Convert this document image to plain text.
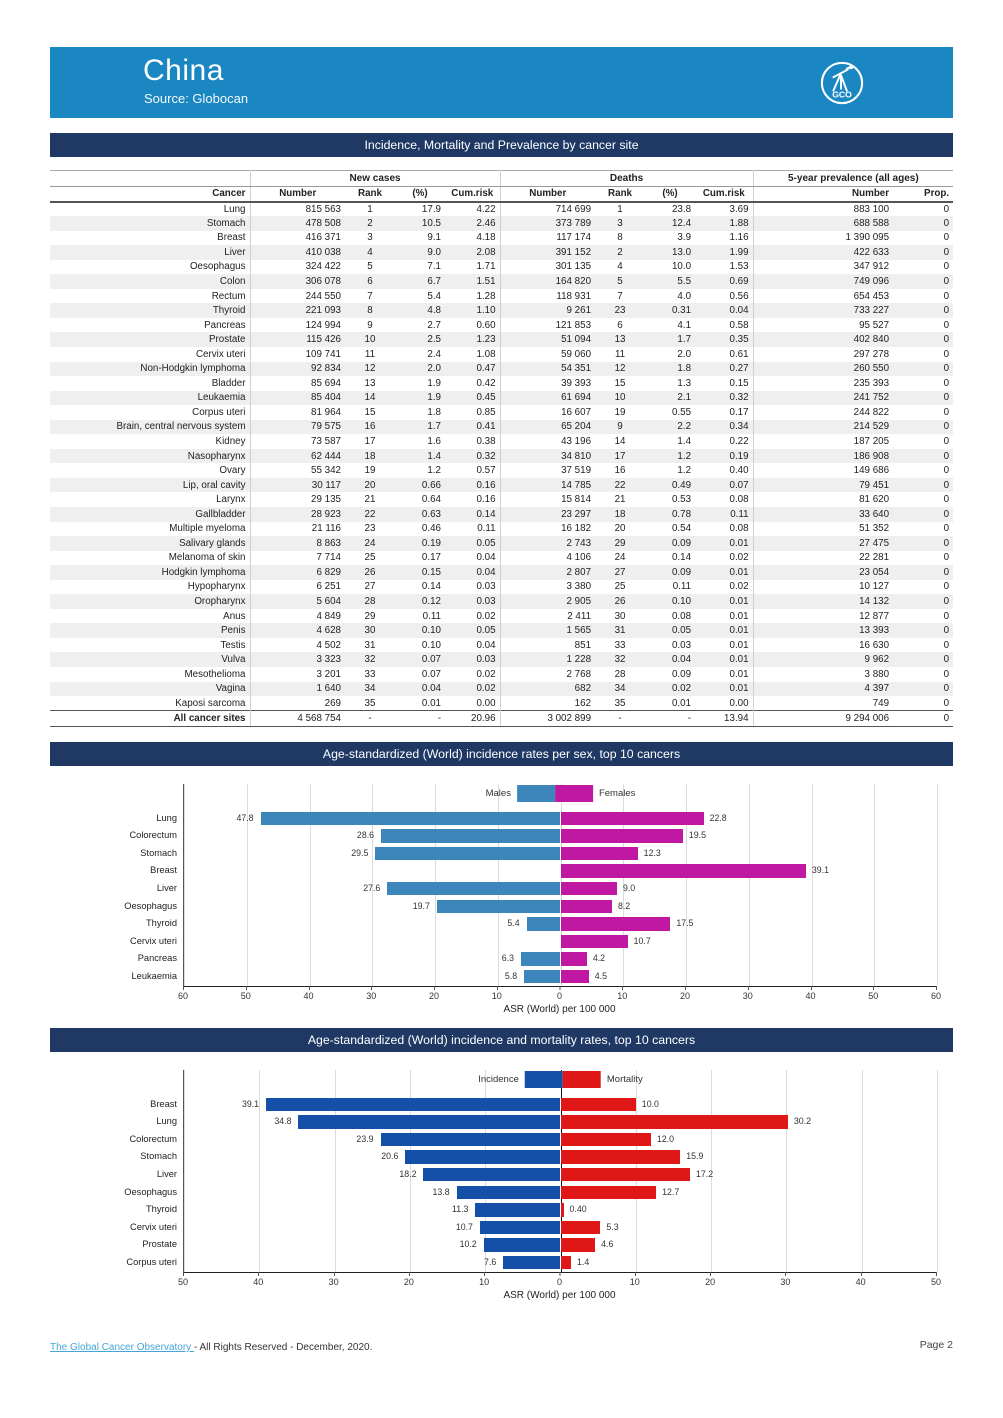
China
Source: Globocan	GCO
Incidence, Mortality and Prevalence by cancer site
	New cases				Deaths				5-year prevalence (all ages)	
Cancer	Number	Rank	(%)	Cum.risk	Number	Rank	(%)	Cum.risk	Number	Prop.
Lung	815 563	1	17.9	4.22	714 699	1	23.8	3.69	883 100	0
Stomach	478 508	2	10.5	2.46	373 789	3	12.4	1.88	688 588	0
Breast	416 371	3	9.1	4.18	117 174	8	3.9	1.16	1 390 095	0
Liver	410 038	4	9.0	2.08	391 152	2	13.0	1.99	422 633	0
Oesophagus	324 422	5	7.1	1.71	301 135	4	10.0	1.53	347 912	0
Colon	306 078	6	6.7	1.51	164 820	5	5.5	0.69	749 096	0
Rectum	244 550	7	5.4	1.28	118 931	7	4.0	0.56	654 453	0
Thyroid	221 093	8	4.8	1.10	9 261	23	0.31	0.04	733 227	0
Pancreas	124 994	9	2.7	0.60	121 853	6	4.1	0.58	95 527	0
Prostate	115 426	10	2.5	1.23	51 094	13	1.7	0.35	402 840	0
Cervix uteri	109 741	11	2.4	1.08	59 060	11	2.0	0.61	297 278	0
Non-Hodgkin lymphoma	92 834	12	2.0	0.47	54 351	12	1.8	0.27	260 550	0
Bladder	85 694	13	1.9	0.42	39 393	15	1.3	0.15	235 393	0
Leukaemia	85 404	14	1.9	0.45	61 694	10	2.1	0.32	241 752	0
Corpus uteri	81 964	15	1.8	0.85	16 607	19	0.55	0.17	244 822	0
Brain, central nervous system	79 575	16	1.7	0.41	65 204	9	2.2	0.34	214 529	0
Kidney	73 587	17	1.6	0.38	43 196	14	1.4	0.22	187 205	0
Nasopharynx	62 444	18	1.4	0.32	34 810	17	1.2	0.19	186 908	0
Ovary	55 342	19	1.2	0.57	37 519	16	1.2	0.40	149 686	0
Lip, oral cavity	30 117	20	0.66	0.16	14 785	22	0.49	0.07	79 451	0
Larynx	29 135	21	0.64	0.16	15 814	21	0.53	0.08	81 620	0
Gallbladder	28 923	22	0.63	0.14	23 297	18	0.78	0.11	33 640	0
Multiple myeloma	21 116	23	0.46	0.11	16 182	20	0.54	0.08	51 352	0
Salivary glands	8 863	24	0.19	0.05	2 743	29	0.09	0.01	27 475	0
Melanoma of skin	7 714	25	0.17	0.04	4 106	24	0.14	0.02	22 281	0
Hodgkin lymphoma	6 829	26	0.15	0.04	2 807	27	0.09	0.01	23 054	0
Hypopharynx	6 251	27	0.14	0.03	3 380	25	0.11	0.02	10 127	0
Oropharynx	5 604	28	0.12	0.03	2 905	26	0.10	0.01	14 132	0
Anus	4 849	29	0.11	0.02	2 411	30	0.08	0.01	12 877	0
Penis	4 628	30	0.10	0.05	1 565	31	0.05	0.01	13 393	0
Testis	4 502	31	0.10	0.04	851	33	0.03	0.01	16 630	0
Vulva	3 323	32	0.07	0.03	1 228	32	0.04	0.01	9 962	0
Mesothelioma	3 201	33	0.07	0.02	2 768	28	0.09	0.01	3 880	0
Vagina	1 640	34	0.04	0.02	682	34	0.02	0.01	4 397	0
Kaposi sarcoma	269	35	0.01	0.00	162	35	0.01	0.00	749	0
All cancer sites	4 568 754	-	-	20.96	3 002 899	-	-	13.94	9 294 006	0
Age-standardized (World) incidence rates per sex, top 10 cancers
Males	Females
Lung	47.8	22.8
Colorectum	28.6	19.5
Stomach	29.5	12.3
Breast	39.1
Liver	27.6	9.0
Oesophagus	19.7	8.2
Thyroid	5.4	17.5
Cervix uteri	10.7
Pancreas	6.3	4.2
Leukaemia	5.8	4.5
60	50	40	30	20	10	0	10	20	30	40	50	60
ASR (World) per 100 000
Age-standardized (World) incidence and mortality rates, top 10 cancers
Incidence	Mortality
Breast	39.1	10.0
Lung	34.8	30.2
Colorectum	23.9	12.0
Stomach	20.6	15.9
Liver	18.2	17.2
Oesophagus	13.8	12.7
Thyroid	11.3	0.40
Cervix uteri	10.7	5.3
Prostate	10.2	4.6
Corpus uteri	7.6	1.4
50	40	30	20	10	0	10	20	30	40	50
ASR (World) per 100 000
The Global Cancer Observatory - All Rights Reserved - December, 2020.	Page 2
